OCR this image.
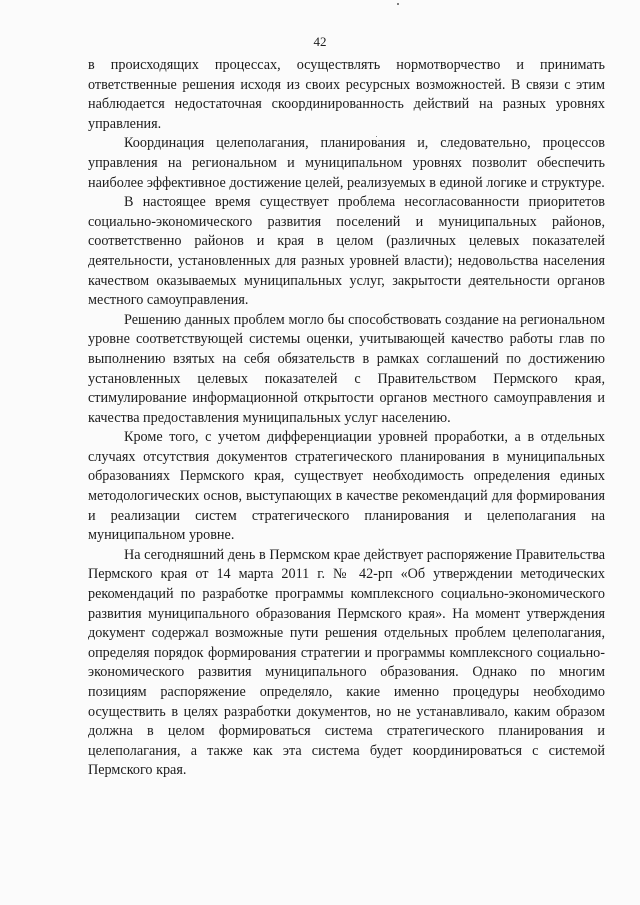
42

в происходящих процессах, осуществлять нормотворчество и принимать ответственные решения исходя из своих ресурсных возможностей. В связи с этим наблюдается недостаточная скоординированность действий на разных уровнях управления.

Координация целеполагания, планирования и, следовательно, процессов управления на региональном и муниципальном уровнях позволит обеспечить наиболее эффективное достижение целей, реализуемых в единой логике и структуре.

В настоящее время существует проблема несогласованности приоритетов социально-экономического развития поселений и муниципальных районов, соответственно районов и края в целом (различных целевых показателей деятельности, установленных для разных уровней власти); недовольства населения качеством оказываемых муниципальных услуг, закрытости деятельности органов местного самоуправления.

Решению данных проблем могло бы способствовать создание на региональном уровне соответствующей системы оценки, учитывающей качество работы глав по выполнению взятых на себя обязательств в рамках соглашений по достижению установленных целевых показателей с Правительством Пермского края, стимулирование информационной открытости органов местного самоуправления и качества предоставления муниципальных услуг населению.

Кроме того, с учетом дифференциации уровней проработки, а в отдельных случаях отсутствия документов стратегического планирования в муниципальных образованиях Пермского края, существует необходимость определения единых методологических основ, выступающих в качестве рекомендаций для формирования и реализации систем стратегического планирования и целеполагания на муниципальном уровне.

На сегодняшний день в Пермском крае действует распоряжение Правительства Пермского края от 14 марта 2011 г. № 42-рп «Об утверждении методических рекомендаций по разработке программы комплексного социально-экономического развития муниципального образования Пермского края». На момент утверждения документ содержал возможные пути решения отдельных проблем целеполагания, определяя порядок формирования стратегии и программы комплексного социально-экономического развития муниципального образования. Однако по многим позициям распоряжение определяло, какие именно процедуры необходимо осуществить в целях разработки документов, но не устанавливало, каким образом должна в целом формироваться система стратегического планирования и целеполагания, а также как эта система будет координироваться с системой Пермского края.
